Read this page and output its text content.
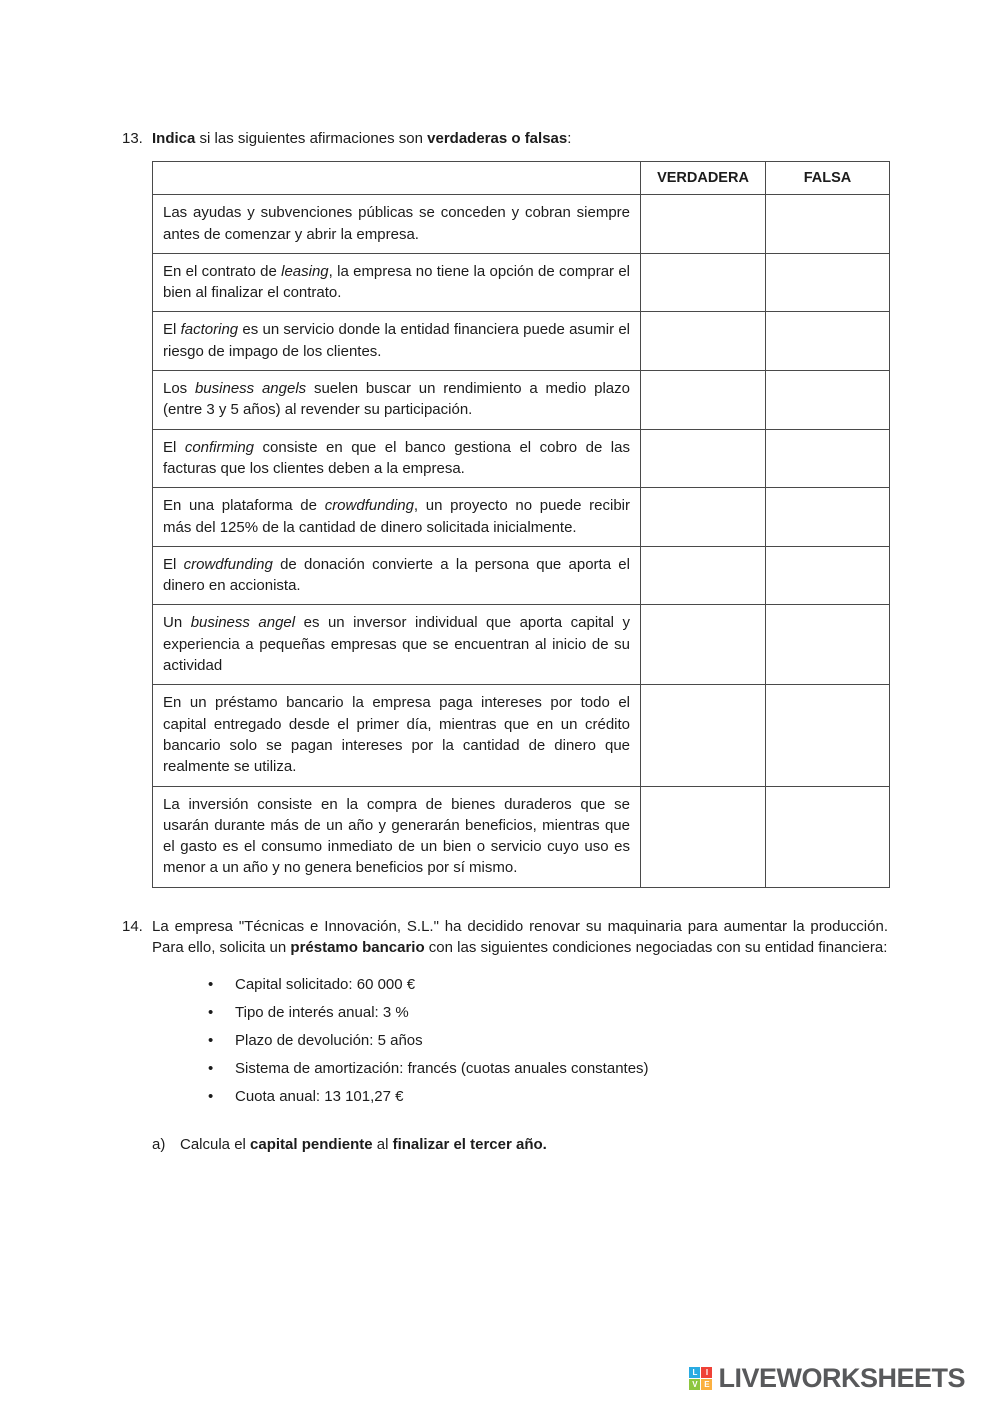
13. Indica si las siguientes afirmaciones son verdaderas o falsas:
	VERDADERA	FALSA
Las ayudas y subvenciones públicas se conceden y cobran siempre antes de comenzar y abrir la empresa.		
En el contrato de leasing, la empresa no tiene la opción de comprar el bien al finalizar el contrato.		
El factoring es un servicio donde la entidad financiera puede asumir el riesgo de impago de los clientes.		
Los business angels suelen buscar un rendimiento a medio plazo (entre 3 y 5 años) al revender su participación.		
El confirming consiste en que el banco gestiona el cobro de las facturas que los clientes deben a la empresa.		
En una plataforma de crowdfunding, un proyecto no puede recibir más del 125% de la cantidad de dinero solicitada inicialmente.		
El crowdfunding de donación convierte a la persona que aporta el dinero en accionista.		
Un business angel es un inversor individual que aporta capital y experiencia a pequeñas empresas que se encuentran al inicio de su actividad		
En un préstamo bancario la empresa paga intereses por todo el capital entregado desde el primer día, mientras que en un crédito bancario solo se pagan intereses por la cantidad de dinero que realmente se utiliza.		
La inversión consiste en la compra de bienes duraderos que se usarán durante más de un año y generarán beneficios, mientras que el gasto es el consumo inmediato de un bien o servicio cuyo uso es menor a un año y no genera beneficios por sí mismo.		
14. La empresa "Técnicas e Innovación, S.L." ha decidido renovar su maquinaria para aumentar la producción. Para ello, solicita un préstamo bancario con las siguientes condiciones negociadas con su entidad financiera:
•	Capital solicitado: 60 000 €
•	Tipo de interés anual: 3 %
•	Plazo de devolución: 5 años
•	Sistema de amortización: francés (cuotas anuales constantes)
•	Cuota anual: 13 101,27 €
a) Calcula el capital pendiente al finalizar el tercer año.
L	I
V E LIVEWORKSHEETS
